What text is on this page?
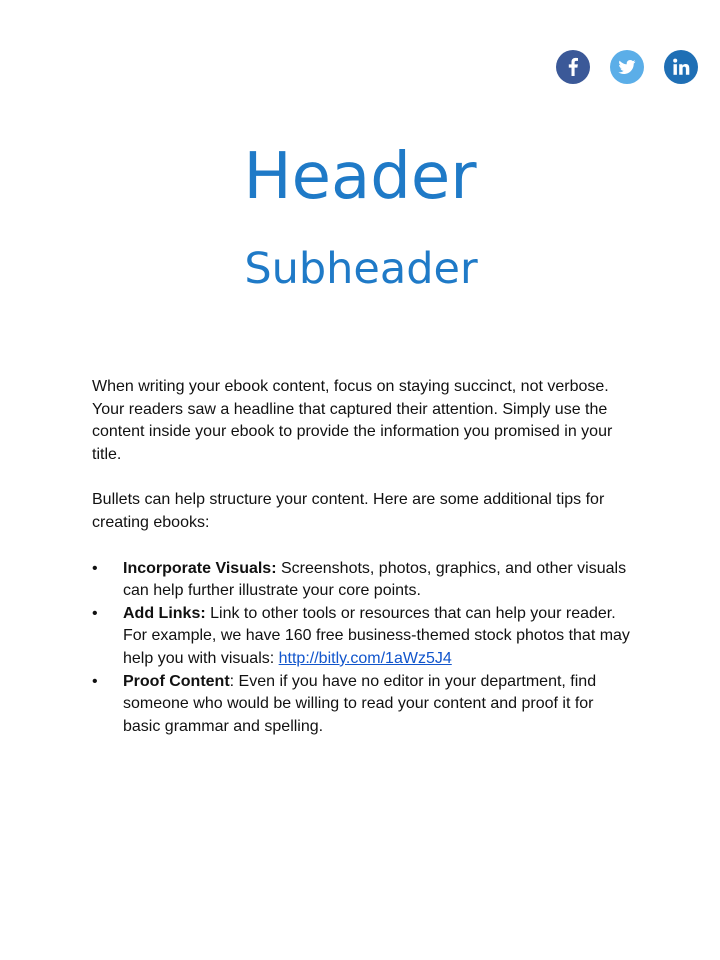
Header
Subheader

When writing your ebook content, focus on staying succinct, not verbose. Your readers saw a headline that captured their attention. Simply use the content inside your ebook to provide the information you promised in your title.

Bullets can help structure your content. Here are some additional tips for creating ebooks:

• Incorporate Visuals: Screenshots, photos, graphics, and other visuals can help further illustrate your core points.
• Add Links: Link to other tools or resources that can help your reader. For example, we have 160 free business-themed stock photos that may help you with visuals: http://bitly.com/1aWz5J4
• Proof Content: Even if you have no editor in your department, find someone who would be willing to read your content and proof it for basic grammar and spelling.
